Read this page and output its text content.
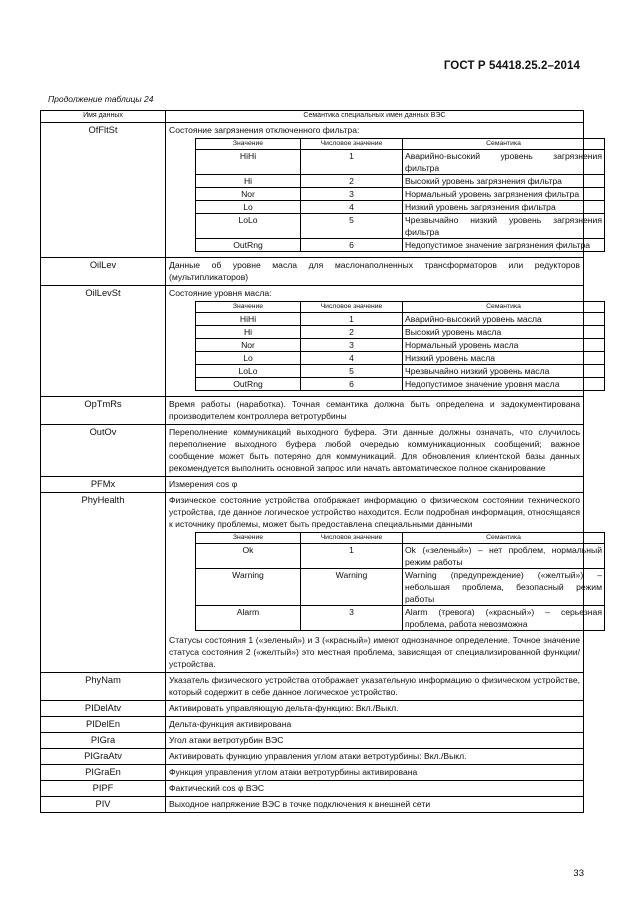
ГОСТ Р 54418.25.2–2014
Продолжение таблицы 24
Имя данных	Семантика специальных имен данных ВЭС
OfFltSt	Состояние загрязнения отключенного фильтра:

Значение	Числовое значение	Семантика
HiHi	1	Аварийно-высокий уровень загрязнения фильтра
Hi	2	Высокий уровень загрязнения фильтра
Nor	3	Нормальный уровень загрязнения фильтра
Lo	4	Низкий уровень загрязнения фильтра
LoLo	5	Чрезвычайно низкий уровень загрязнения фильтра
OutRng	6	Недопустимое значение загрязнения фильтра

OilLev	Данные об уровне масла для маслонаполненных трансформаторов или редукторов (мультипликаторов)
OilLevSt	Состояние уровня масла:

Значение	Числовое значение	Семантика
HiHi	1	Аварийно-высокий уровень масла
Hi	2	Высокий уровень масла
Nor	3	Нормальный уровень масла
Lo	4	Низкий уровень масла
LoLo	5	Чрезвычайно низкий уровень масла
OutRng	6	Недопустимое значение уровня масла

OpTmRs	Время работы (наработка). Точная семантика должна быть определена и задокументирована производителем контроллера ветротурбины
OutOv	Переполнение коммуникаций выходного буфера. Эти данные должны означать, что случилось переполнение выходного буфера любой очередью коммуникационных сообщений; важное сообщение может быть потеряно для коммуникаций. Для обновления клиентской базы данных рекомендуется выполнить основной запрос или начать автоматическое полное сканирование
PFMx	Измерения cos φ
PhyHealth	Физическое состояние устройства отображает информацию о физическом состоянии технического устройства, где данное логическое устройство находится. Если подробная информация, относящаяся к источнику проблемы, может быть предоставлена специальными данными

Значение	Числовое значение	Семантика
Ok	1	Ok («зеленый») – нет проблем, нормальный режим работы
Warning	Warning	Warning (предупреждение) («желтый») – небольшая проблема, безопасный режим работы
Alarm	3	Alarm (тревога) («красный») – серьезная проблема, работа невозможна

Статусы состояния 1 («зеленый») и 3 («красный») имеют однозначное определение. Точное значение статуса состояния 2 («желтый») это местная проблема, зависящая от специализированной функции/устройства.

PhyNam	Указатель физического устройства отображает указательную информацию о физическом устройстве, который содержит в себе данное логическое устройство.
PIDelAtv	Активировать управляющую дельта-функцию: Вкл./Выкл.
PIDelEn	Дельта-функция активирована
PIGra	Угол атаки ветротурбин ВЭС
PIGraAtv	Активировать функцию управления углом атаки ветротурбины: Вкл./Выкл.
PIGraEn	Функция управления углом атаки ветротурбины активирована
PIPF	Фактический cos φ ВЭС
PIV	Выходное напряжение ВЭС в точке подключения к внешней сети
33
